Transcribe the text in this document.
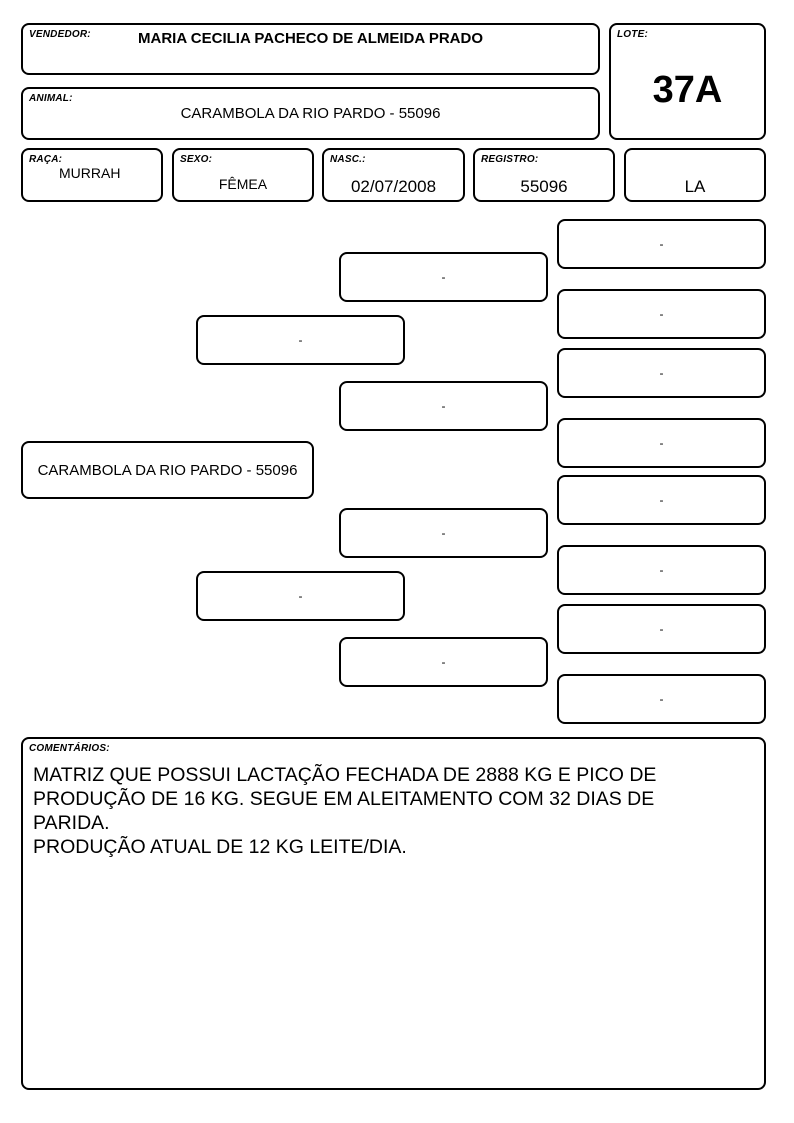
VENDEDOR:	MARIA CECILIA PACHECO DE ALMEIDA PRADO	LOTE:
37A
ANIMAL:
CARAMBOLA DA RIO PARDO - 55096
RAÇA:
MURRAH
SEXO:
FÊMEA
NASC.:
02/07/2008
REGISTRO:
55096	LA
CARAMBOLA DA RIO PARDO - 55096
-
-
-
-
-
-
-
-
-
-
-
-
-
-
COMENTÁRIOS:
MATRIZ QUE POSSUI LACTAÇÃO FECHADA DE 2888 KG E PICO DE
PRODUÇÃO DE 16 KG. SEGUE EM ALEITAMENTO COM 32 DIAS DE
PARIDA.
PRODUÇÃO ATUAL DE 12 KG LEITE/DIA.
